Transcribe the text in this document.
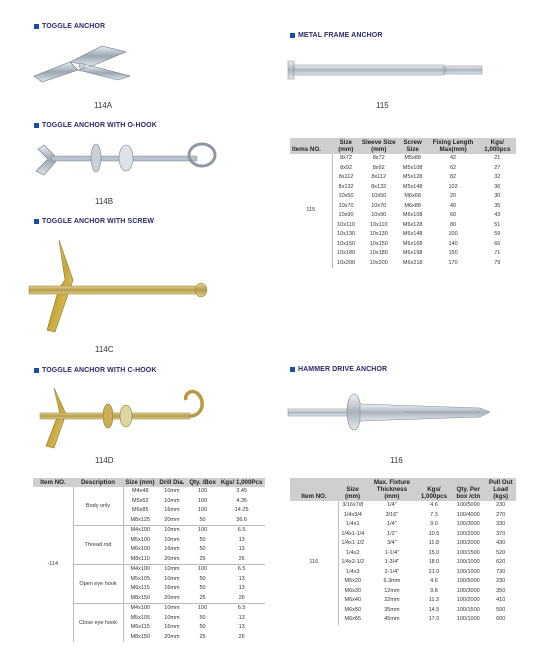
TOGGLE ANCHOR
TOGGLE ANCHOR WITH O-HOOK
TOGGLE ANCHOR WITH SCREW
TOGGLE ANCHOR WITH C-HOOK
METAL FRAME ANCHOR
HAMMER DRIVE ANCHOR
114A
114B
114C
114D
115
116
Items NO.	Size (mm)	Sleeve Size (mm)	Screw Size	Fixing Length Max(mm)	Kgs/ 1,000pcs
115	8x72	8x72	M5x88	42	21
	8x92	8x92	M5x108	62	27
	8x112	8x112	M5x128	82	32
	8x132	8x132	M5x148	102	36
	10x50	10x50	M6x68	20	30
	10x70	10x70	M6x88	40	35
	10x90	10x90	M6x108	60	43
	10x110	10x110	M6x128	80	51
	10x130	10x130	M6x148	100	59
	10x150	10x150	M6x168	140	66
	10x180	10x180	M6x198	150	71
	10x200	10x200	M6x218	170	79
Item NO.	Description	Size (mm)	Drill Dia.	Qty. /Box	Kgs/ 1,000Pcs
-114	Body only	M4x48	10mm	100	3.45
		M5x62	10mm	100	4.35
		M6x85	16mm	100	14.25
		M8x125	20mm	50	36.6
	Thread rod	M4x100	10mm	100	6.5
		M5x100	10mm	50	13
		M6x100	16mm	50	13
		M8x110	20mm	25	26
	Open eye hook	M4x100	10mm	100	6.5
		M5x105	10mm	50	13
		M6x115	16mm	50	13
		M8x150	20mm	25	26
	Close eye hook	M4x100	10mm	100	6.5
		M5x105	10mm	50	13
		M6x115	16mm	50	13
		M8x150	20mm	25	26
Item NO.	Size (mm)	Max. Fixture Thickness (mm)	Kgs/ 1,000pcs	Qty. Per box /ctn	Pull Out Load (kgs)
116	3/16x7/8	1/4"	4.6	100/5000	230
	1/4x3/4	3/16"	7.3	100/4000	270
	1/4x1	1/4"	9.0	100/3000	330
	1/4x1-1/4	1/2"	10.5	100/2000	370
	1/4x1-1/2	3/4"	11.8	100/2000	430
	1/4x2	1-1/4"	15.0	100/1500	520
	1/4x2-1/2	1-3/4"	18.0	100/1000	620
	1/4x3	2-1/4"	21.0	100/1000	730
	M5x20	6.3mm	4.6	100/5000	230
	M6x30	12mm	9.8	100/3000	350
	M6x40	22mm	11.3	100/2000	410
	M6x50	35mm	14.5	100/1500	500
	M6x65	45mm	17.0	100/1000	600
